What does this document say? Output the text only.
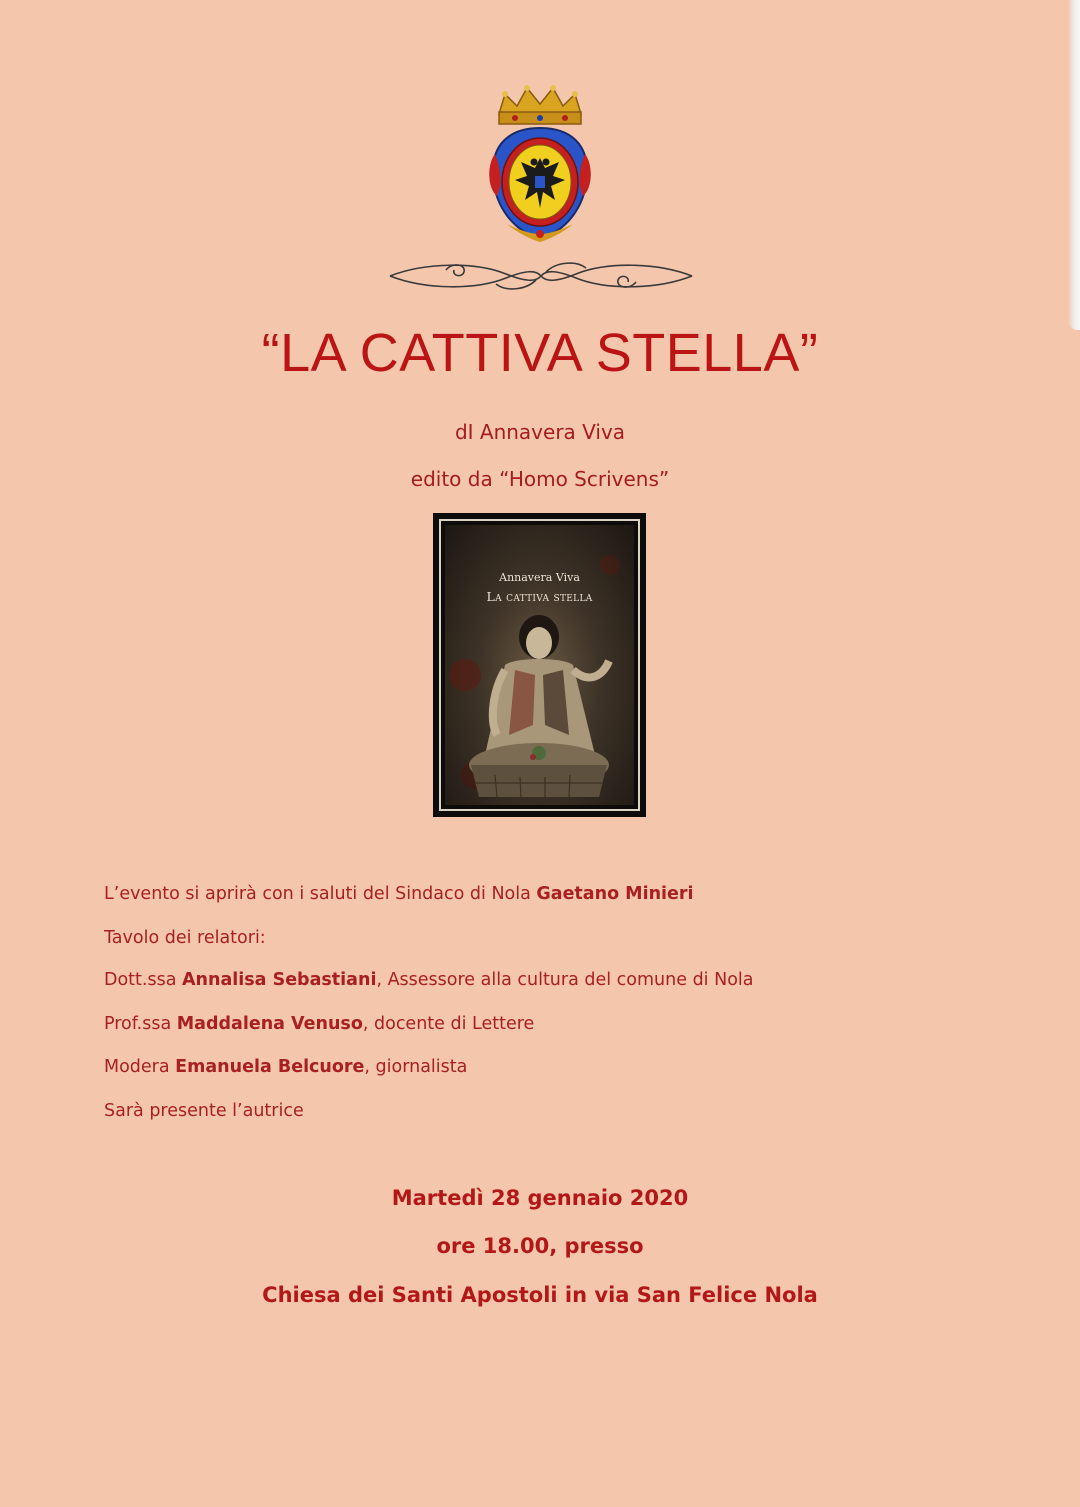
“LA CATTIVA STELLA”
dI Annavera Viva
edito da “Homo Scrivens”
Annavera Viva
La cattiva stella
L’evento si aprirà con i saluti del Sindaco di Nola Gaetano Minieri
Tavolo dei relatori:
Dott.ssa Annalisa Sebastiani, Assessore alla cultura del comune di Nola
Prof.ssa Maddalena Venuso, docente di Lettere
Modera Emanuela Belcuore, giornalista
Sarà presente l’autrice
Martedì 28 gennaio 2020
ore 18.00, presso
Chiesa dei Santi Apostoli in via San Felice Nola
